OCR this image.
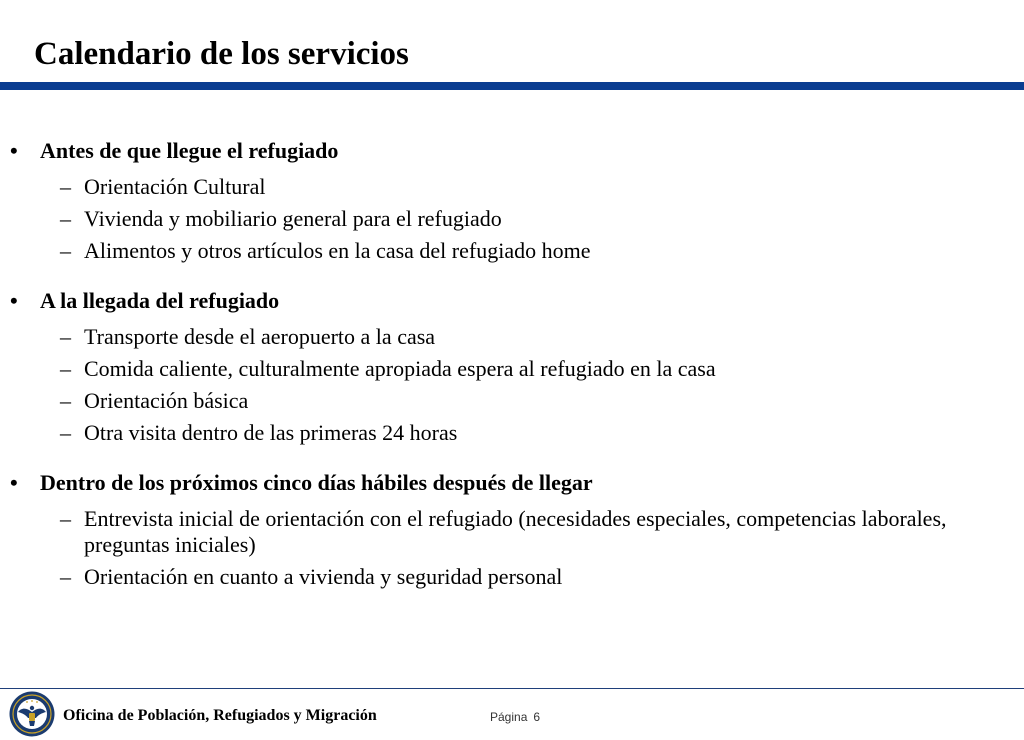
Calendario de los servicios
• Antes de que llegue el refugiado
– Orientación Cultural
– Vivienda y mobiliario general para el refugiado
– Alimentos y otros artículos en la casa del refugiado home
• A la llegada del refugiado
– Transporte desde el aeropuerto a la casa
– Comida caliente, culturalmente apropiada espera al refugiado en la casa
– Orientación básica
– Otra visita dentro de las primeras 24 horas
• Dentro de los próximos cinco días hábiles después de llegar
– Entrevista inicial de orientación con el refugiado (necesidades especiales, competencias laborales, preguntas iniciales)
– Orientación en cuanto a vivienda y seguridad personal
Oficina de Población, Refugiados y Migración	Página 6
